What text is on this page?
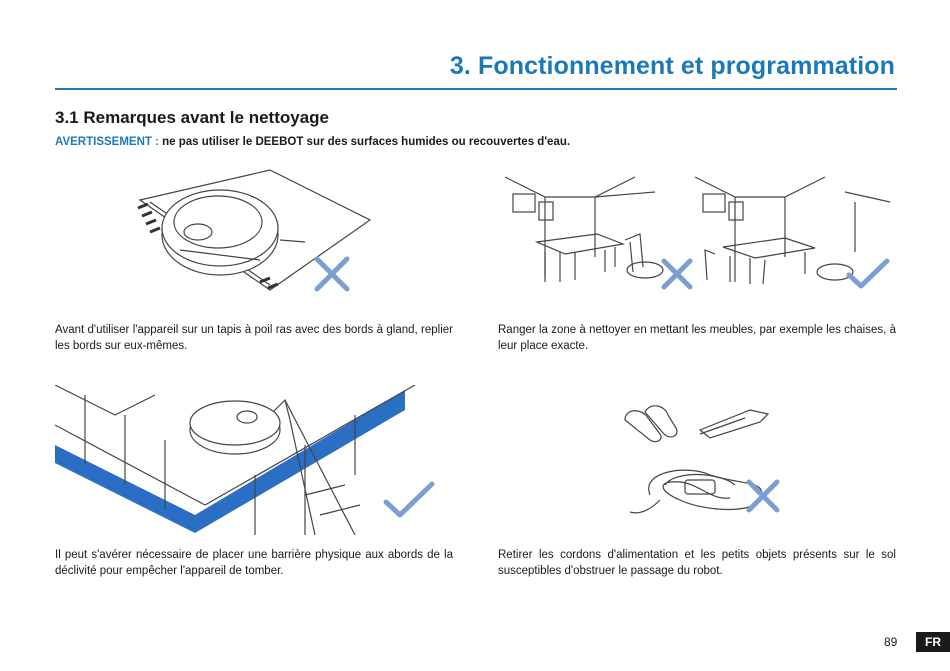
3. Fonctionnement et programmation
3.1 Remarques avant le nettoyage
AVERTISSEMENT : ne pas utiliser le DEEBOT sur des surfaces humides ou recouvertes d'eau.
Avant d'utiliser l'appareil sur un tapis à poil ras avec des bords à gland, replier les bords sur eux-mêmes.
Ranger la zone à nettoyer en mettant les meubles, par exemple les chaises, à leur place exacte.
Il peut s'avérer nécessaire de placer une barrière physique aux abords de la déclivité pour empêcher l'appareil de tomber.
Retirer les cordons d'alimentation et les petits objets présents sur le sol susceptibles d'obstruer le passage du robot.
89	FR
